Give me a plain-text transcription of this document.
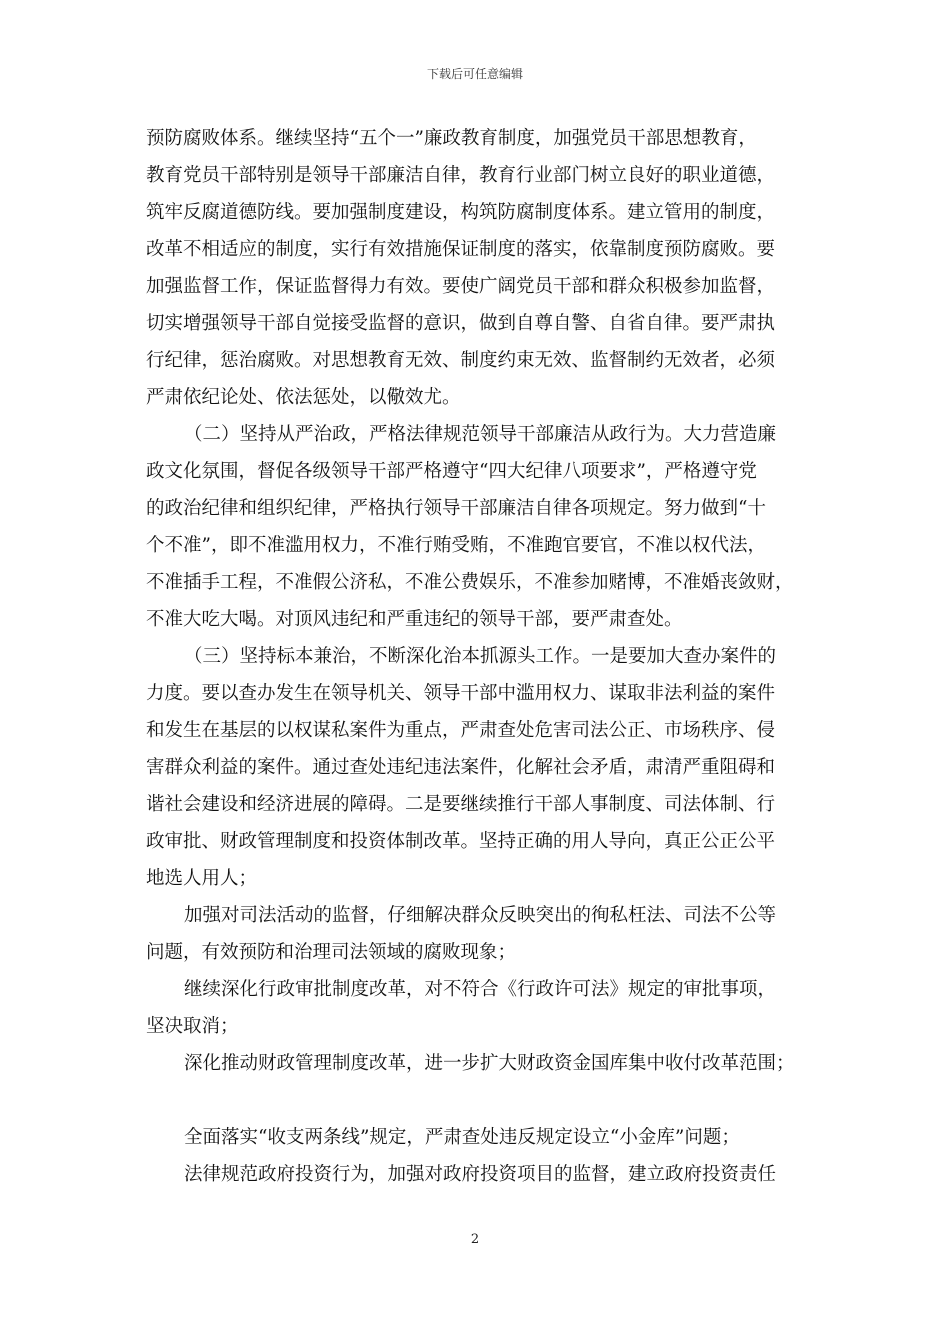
下载后可任意编辑
预防腐败体系。继续坚持“五个一”廉政教育制度，加强党员干部思想教育，
教育党员干部特别是领导干部廉洁自律，教育行业部门树立良好的职业道德，
筑牢反腐道德防线。要加强制度建设，构筑防腐制度体系。建立管用的制度，
改革不相适应的制度，实行有效措施保证制度的落实，依靠制度预防腐败。要
加强监督工作，保证监督得力有效。要使广阔党员干部和群众积极参加监督，
切实增强领导干部自觉接受监督的意识，做到自尊自警、自省自律。要严肃执
行纪律，惩治腐败。对思想教育无效、制度约束无效、监督制约无效者，必须
严肃依纪论处、依法惩处，以儆效尤。
（二）坚持从严治政，严格法律规范领导干部廉洁从政行为。大力营造廉
政文化氛围，督促各级领导干部严格遵守“四大纪律八项要求”，严格遵守党
的政治纪律和组织纪律，严格执行领导干部廉洁自律各项规定。努力做到“十
个不准”，即不准滥用权力，不准行贿受贿，不准跑官要官，不准以权代法，
不准插手工程，不准假公济私，不准公费娱乐，不准参加赌博，不准婚丧敛财，
不准大吃大喝。对顶风违纪和严重违纪的领导干部，要严肃查处。
（三）坚持标本兼治，不断深化治本抓源头工作。一是要加大查办案件的
力度。要以查办发生在领导机关、领导干部中滥用权力、谋取非法利益的案件
和发生在基层的以权谋私案件为重点，严肃查处危害司法公正、市场秩序、侵
害群众利益的案件。通过查处违纪违法案件，化解社会矛盾，肃清严重阻碍和
谐社会建设和经济进展的障碍。二是要继续推行干部人事制度、司法体制、行
政审批、财政管理制度和投资体制改革。坚持正确的用人导向，真正公正公平
地选人用人；
加强对司法活动的监督，仔细解决群众反映突出的徇私枉法、司法不公等
问题，有效预防和治理司法领域的腐败现象；
继续深化行政审批制度改革，对不符合《行政许可法》规定的审批事项，
坚决取消；
深化推动财政管理制度改革，进一步扩大财政资金国库集中收付改革范围；
全面落实“收支两条线”规定，严肃查处违反规定设立“小金库”问题；
法律规范政府投资行为，加强对政府投资项目的监督，建立政府投资责任
2
